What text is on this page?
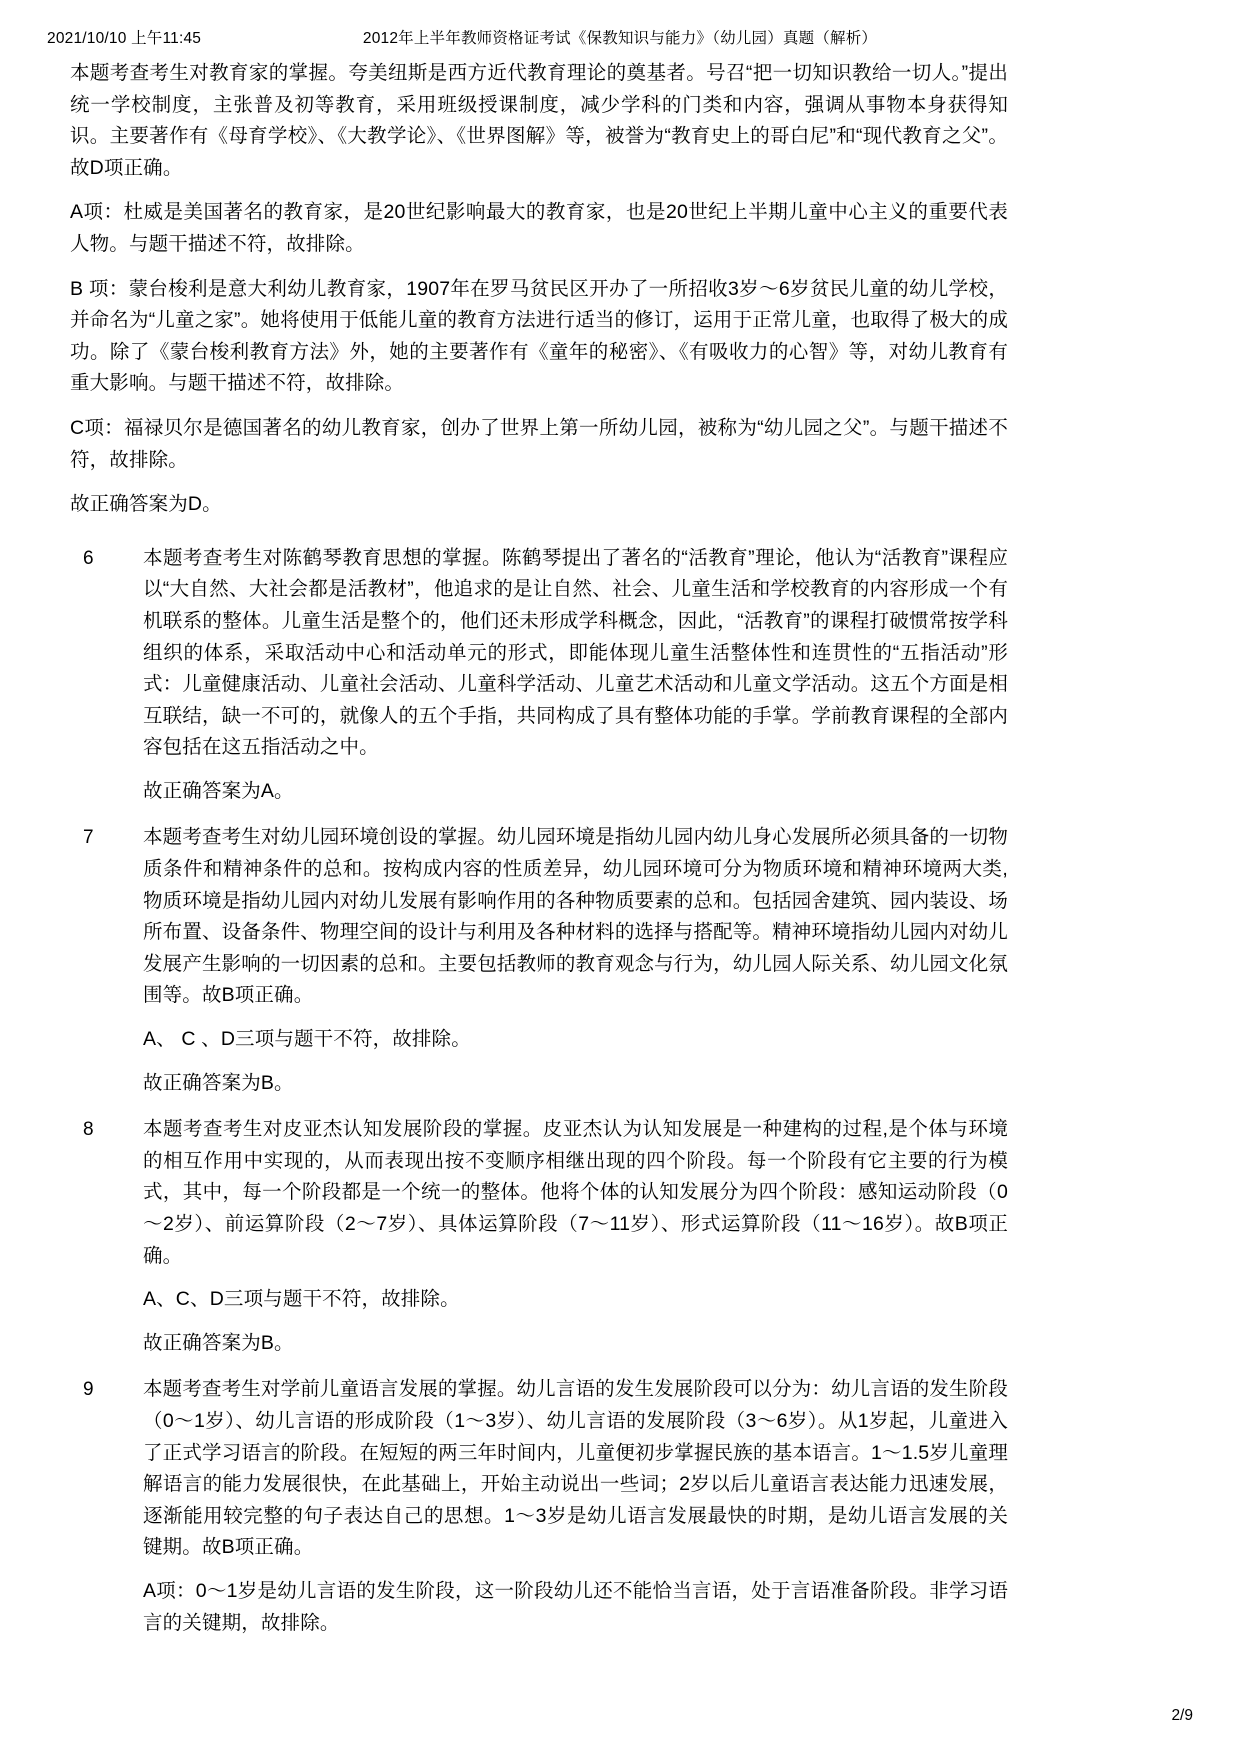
2021/10/10 上午11:45	2012年上半年教师资格证考试《保教知识与能力》（幼儿园）真题（解析）

本题考查考生对教育家的掌握。夸美纽斯是西方近代教育理论的奠基者。号召“把一切知识教给一切人。”提出统一学校制度，主张普及初等教育，采用班级授课制度，减少学科的门类和内容，强调从事物本身获得知识。主要著作有《母育学校》、《大教学论》、《世界图解》等，被誉为“教育史上的哥白尼”和“现代教育之父”。故D项正确。

A项：杜威是美国著名的教育家，是20世纪影响最大的教育家，也是20世纪上半期儿童中心主义的重要代表人物。与题干描述不符，故排除。

B 项：蒙台梭利是意大利幼儿教育家，1907年在罗马贫民区开办了一所招收3岁～6岁贫民儿童的幼儿学校，并命名为“儿童之家”。她将使用于低能儿童的教育方法进行适当的修订，运用于正常儿童，也取得了极大的成功。除了《蒙台梭利教育方法》外，她的主要著作有《童年的秘密》、《有吸收力的心智》等，对幼儿教育有重大影响。与题干描述不符，故排除。

C项：福禄贝尔是德国著名的幼儿教育家，创办了世界上第一所幼儿园，被称为“幼儿园之父”。与题干描述不符，故排除。

故正确答案为D。

6	本题考查考生对陈鹤琴教育思想的掌握。陈鹤琴提出了著名的“活教育”理论，他认为“活教育”课程应以“大自然、大社会都是活教材”，他追求的是让自然、社会、儿童生活和学校教育的内容形成一个有机联系的整体。儿童生活是整个的，他们还未形成学科概念，因此，“活教育”的课程打破惯常按学科组织的体系，采取活动中心和活动单元的形式，即能体现儿童生活整体性和连贯性的“五指活动”形式：儿童健康活动、儿童社会活动、儿童科学活动、儿童艺术活动和儿童文学活动。这五个方面是相互联结，缺一不可的，就像人的五个手指，共同构成了具有整体功能的手掌。学前教育课程的全部内容包括在这五指活动之中。

故正确答案为A。

7	本题考查考生对幼儿园环境创设的掌握。幼儿园环境是指幼儿园内幼儿身心发展所必须具备的一切物质条件和精神条件的总和。按构成内容的性质差异，幼儿园环境可分为物质环境和精神环境两大类,物质环境是指幼儿园内对幼儿发展有影响作用的各种物质要素的总和。包括园舍建筑、园内装设、场所布置、设备条件、物理空间的设计与利用及各种材料的选择与搭配等。精神环境指幼儿园内对幼儿发展产生影响的一切因素的总和。主要包括教师的教育观念与行为，幼儿园人际关系、幼儿园文化氛围等。故B项正确。

A、 C 、D三项与题干不符，故排除。

故正确答案为B。

8	本题考查考生对皮亚杰认知发展阶段的掌握。皮亚杰认为认知发展是一种建构的过程,是个体与环境的相互作用中实现的，从而表现出按不变顺序相继出现的四个阶段。每一个阶段有它主要的行为模式，其中，每一个阶段都是一个统一的整体。他将个体的认知发展分为四个阶段：感知运动阶段（0～2岁）、前运算阶段（2～7岁）、具体运算阶段（7～11岁）、形式运算阶段（11～16岁）。故B项正确。

A、C、D三项与题干不符，故排除。

故正确答案为B。

9	本题考查考生对学前儿童语言发展的掌握。幼儿言语的发生发展阶段可以分为：幼儿言语的发生阶段（0～1岁）、幼儿言语的形成阶段（1～3岁）、幼儿言语的发展阶段（3～6岁）。从1岁起，儿童进入了正式学习语言的阶段。在短短的两三年时间内，儿童便初步掌握民族的基本语言。1～1.5岁儿童理解语言的能力发展很快，在此基础上，开始主动说出一些词；2岁以后儿童语言表达能力迅速发展，逐渐能用较完整的句子表达自己的思想。1～3岁是幼儿语言发展最快的时期，是幼儿语言发展的关键期。故B项正确。

A项：0～1岁是幼儿言语的发生阶段，这一阶段幼儿还不能恰当言语，处于言语准备阶段。非学习语言的关键期，故排除。

2/9
